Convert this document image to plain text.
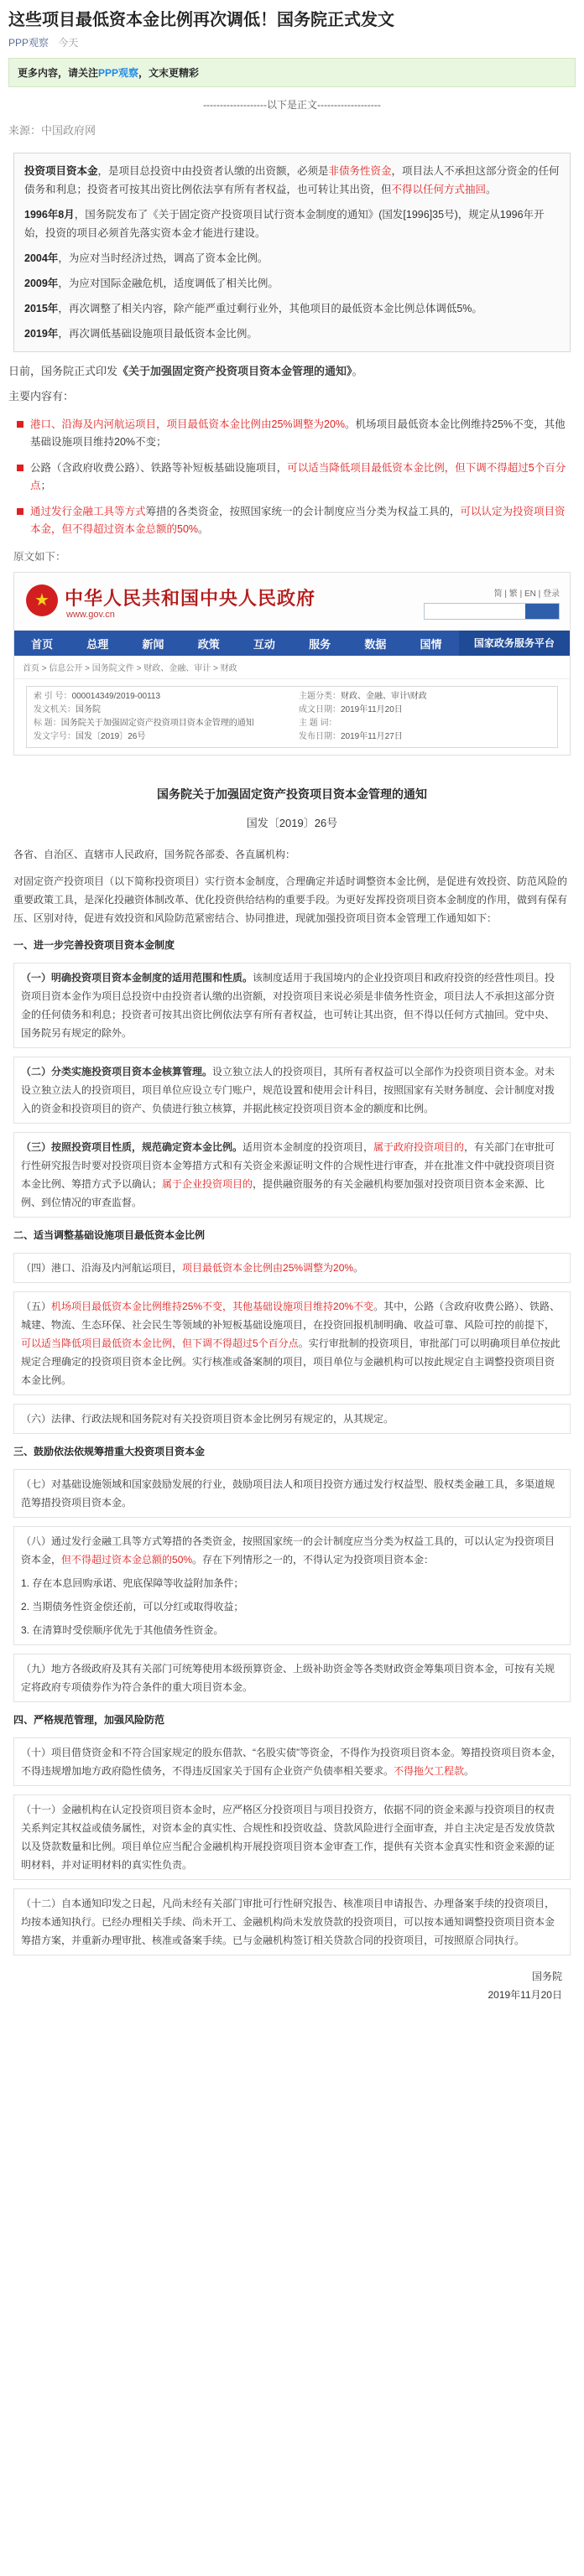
这些项目最低资本金比例再次调低！国务院正式发文
PPP观察 今天
更多内容，请关注PPP观察，文末更精彩
-------------------以下是正文-------------------
来源：中国政府网

投资项目资本金，是项目总投资中由投资者认缴的出资额，必须是非债务性资金，项目法人不承担这部分资金的任何债务和利息；投资者可按其出资比例依法享有所有者权益，也可转让其出资，但不得以任何方式抽回。

1996年8月，国务院发布了《关于固定资产投资项目试行资本金制度的通知》(国发[1996]35号)，规定从1996年开始，投资的项目必须首先落实资本金才能进行建设。

2004年，为应对当时经济过热，调高了资本金比例。

2009年，为应对国际金融危机，适度调低了相关比例。

2015年，再次调整了相关内容，除产能严重过剩行业外，其他项目的最低资本金比例总体调低5%。

2019年，再次调低基础设施项目最低资本金比例。

日前，国务院正式印发《关于加强固定资产投资项目资本金管理的通知》。

主要内容有：

港口、沿海及内河航运项目，项目最低资本金比例由25%调整为20%。机场项目最低资本金比例维持25%不变，其他基础设施项目维持20%不变；
公路（含政府收费公路）、铁路等补短板基础设施项目，可以适当降低项目最低资本金比例，但下调不得超过5个百分点；
通过发行金融工具等方式筹措的各类资金，按照国家统一的会计制度应当分类为权益工具的，可以认定为投资项目资本金，但不得超过资本金总额的50%。
原文如下：
★
中华人民共和国中央人民政府
www.gov.cn
简 | 繁 | EN | 登录
首页	总理	新闻	政策	互动	服务	数据	国情	国家政务服务平台
首页 > 信息公开 > 国务院文件 > 财政、金融、审计 > 财政
索 引 号：000014349/2019-00113
发文机关：国务院
标 题：国务院关于加强固定资产投资项目资本金管理的通知
发文字号：国发〔2019〕26号
主题分类：财政、金融、审计\财政
成文日期：2019年11月20日
主 题 词：
发布日期：2019年11月27日
国务院关于加强固定资产投资项目资本金管理的通知
国发〔2019〕26号

各省、自治区、直辖市人民政府，国务院各部委、各直属机构：

对固定资产投资项目（以下简称投资项目）实行资本金制度，合理确定并适时调整资本金比例，是促进有效投资、防范风险的重要政策工具，是深化投融资体制改革、优化投资供给结构的重要手段。为更好发挥投资项目资本金制度的作用，做到有保有压、区别对待，促进有效投资和风险防范紧密结合、协同推进，现就加强投资项目资本金管理工作通知如下：

一、进一步完善投资项目资本金制度

（一）明确投资项目资本金制度的适用范围和性质。该制度适用于我国境内的企业投资项目和政府投资的经营性项目。投资项目资本金作为项目总投资中由投资者认缴的出资额，对投资项目来说必须是非债务性资金，项目法人不承担这部分资金的任何债务和利息；投资者可按其出资比例依法享有所有者权益，也可转让其出资，但不得以任何方式抽回。党中央、国务院另有规定的除外。

（二）分类实施投资项目资本金核算管理。设立独立法人的投资项目，其所有者权益可以全部作为投资项目资本金。对未设立独立法人的投资项目，项目单位应设立专门账户，规范设置和使用会计科目，按照国家有关财务制度、会计制度对拨入的资金和投资项目的资产、负债进行独立核算，并据此核定投资项目资本金的额度和比例。

（三）按照投资项目性质，规范确定资本金比例。适用资本金制度的投资项目，属于政府投资项目的，有关部门在审批可行性研究报告时要对投资项目资本金筹措方式和有关资金来源证明文件的合规性进行审查，并在批准文件中就投资项目资本金比例、筹措方式予以确认；属于企业投资项目的，提供融资服务的有关金融机构要加强对投资项目资本金来源、比例、到位情况的审查监督。

二、适当调整基础设施项目最低资本金比例

（四）港口、沿海及内河航运项目，项目最低资本金比例由25%调整为20%。

（五）机场项目最低资本金比例维持25%不变，其他基础设施项目维持20%不变。其中，公路（含政府收费公路）、铁路、城建、物流、生态环保、社会民生等领域的补短板基础设施项目，在投资回报机制明确、收益可靠、风险可控的前提下，可以适当降低项目最低资本金比例，但下调不得超过5个百分点。实行审批制的投资项目，审批部门可以明确项目单位按此规定合理确定的投资项目资本金比例。实行核准或备案制的项目，项目单位与金融机构可以按此规定自主调整投资项目资本金比例。

（六）法律、行政法规和国务院对有关投资项目资本金比例另有规定的，从其规定。

三、鼓励依法依规筹措重大投资项目资本金

（七）对基础设施领域和国家鼓励发展的行业，鼓励项目法人和项目投资方通过发行权益型、股权类金融工具，多渠道规范筹措投资项目资本金。

（八）通过发行金融工具等方式筹措的各类资金，按照国家统一的会计制度应当分类为权益工具的，可以认定为投资项目资本金，但不得超过资本金总额的50%。存在下列情形之一的，不得认定为投资项目资本金：

1. 存在本息回购承诺、兜底保障等收益附加条件；

2. 当期债务性资金偿还前，可以分红或取得收益；

3. 在清算时受偿顺序优先于其他债务性资金。

（九）地方各级政府及其有关部门可统筹使用本级预算资金、上级补助资金等各类财政资金筹集项目资本金，可按有关规定将政府专项债券作为符合条件的重大项目资本金。

四、严格规范管理，加强风险防范

（十）项目借贷资金和不符合国家规定的股东借款、“名股实债”等资金，不得作为投资项目资本金。筹措投资项目资本金，不得违规增加地方政府隐性债务，不得违反国家关于国有企业资产负债率相关要求。不得拖欠工程款。

（十一）金融机构在认定投资项目资本金时，应严格区分投资项目与项目投资方，依据不同的资金来源与投资项目的权责关系判定其权益或债务属性，对资本金的真实性、合规性和投资收益、贷款风险进行全面审查，并自主决定是否发放贷款以及贷款数量和比例。项目单位应当配合金融机构开展投资项目资本金审查工作，提供有关资本金真实性和资金来源的证明材料，并对证明材料的真实性负责。

（十二）自本通知印发之日起，凡尚未经有关部门审批可行性研究报告、核准项目申请报告、办理备案手续的投资项目，均按本通知执行。已经办理相关手续、尚未开工、金融机构尚未发放贷款的投资项目，可以按本通知调整投资项目资本金筹措方案，并重新办理审批、核准或备案手续。已与金融机构签订相关贷款合同的投资项目，可按照原合同执行。

国务院
2019年11月20日
